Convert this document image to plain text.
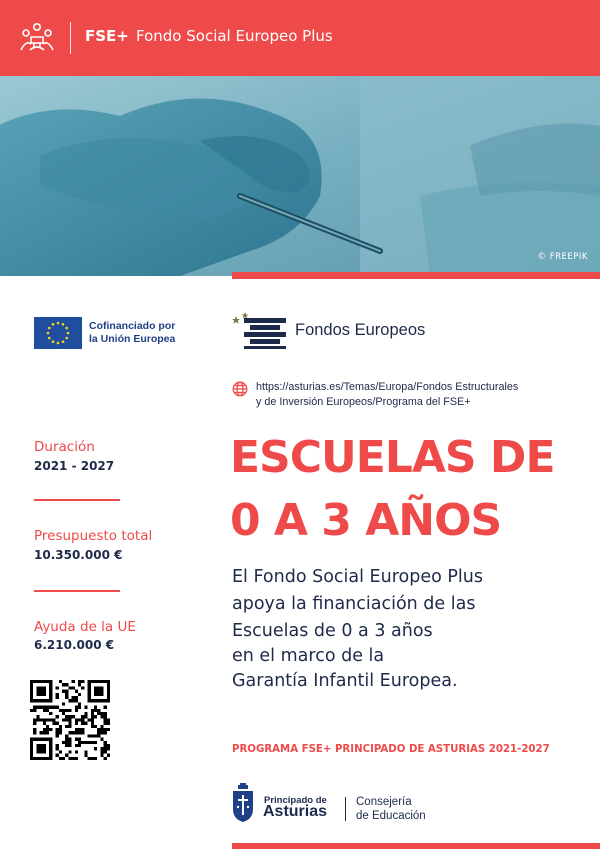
FSE+ Fondo Social Europeo Plus
© FREEPIK
Cofinanciado por
la Unión Europea	Fondos Europeos
https://asturias.es/Temas/Europa/Fondos Estructurales
y de Inversión Europeos/Programa del FSE+
Duración
2021 - 2027
Presupuesto total
10.350.000 €
Ayuda de la UE
6.210.000 €
ESCUELAS DE
0 A 3 AÑOS
El Fondo Social Europeo Plus
apoya la financiación de las
Escuelas de 0 a 3 años
en el marco de la
Garantía Infantil Europea.
PROGRAMA FSE+ PRINCIPADO DE ASTURIAS 2021-2027
Principado de
Asturias
Consejería
de Educación
